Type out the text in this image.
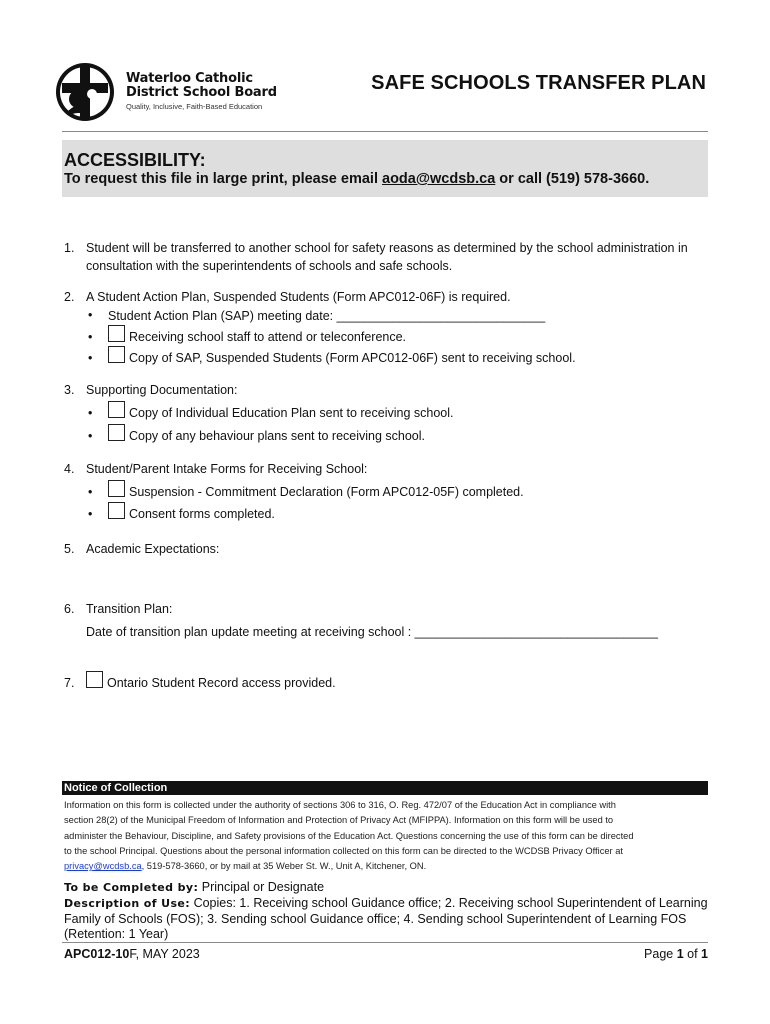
Waterloo Catholic
District School Board
Quality, Inclusive, Faith-Based Education
SAFE SCHOOLS TRANSFER PLAN
ACCESSIBILITY:
To request this file in large print, please email aoda@wcdsb.ca or call (519) 578-3660.
1. Student will be transferred to another school for safety reasons as determined by the school administration in
consultation with the superintendents of schools and safe schools.
2. A Student Action Plan, Suspended Students (Form APC012-06F) is required.
•	Student Action Plan (SAP) meeting date: ______________________________
•	Receiving school staff to attend or teleconference.
•	Copy of SAP, Suspended Students (Form APC012-06F) sent to receiving school.
3. Supporting Documentation:
•	Copy of Individual Education Plan sent to receiving school.
•	Copy of any behaviour plans sent to receiving school.
4. Student/Parent Intake Forms for Receiving School:
•	Suspension - Commitment Declaration (Form APC012-05F) completed.
•	Consent forms completed.
5. Academic Expectations:
6. Transition Plan:
Date of transition plan update meeting at receiving school : ___________________________________
7.	Ontario Student Record access provided.
Notice of Collection
Information on this form is collected under the authority of sections 306 to 316, O. Reg. 472/07 of the Education Act in compliance with
section 28(2) of the Municipal Freedom of Information and Protection of Privacy Act (MFIPPA). Information on this form will be used to
administer the Behaviour, Discipline, and Safety provisions of the Education Act. Questions concerning the use of this form can be directed
to the school Principal. Questions about the personal information collected on this form can be directed to the WCDSB Privacy Officer at
privacy@wcdsb.ca, 519-578-3660, or by mail at 35 Weber St. W., Unit A, Kitchener, ON.
To be Completed by: Principal or Designate
Description of Use: Copies: 1. Receiving school Guidance office; 2. Receiving school Superintendent of Learning Family of Schools (FOS); 3. Sending school Guidance office; 4. Sending school Superintendent of Learning FOS (Retention: 1 Year)
APC012-10F, MAY 2023	Page 1 of 1
